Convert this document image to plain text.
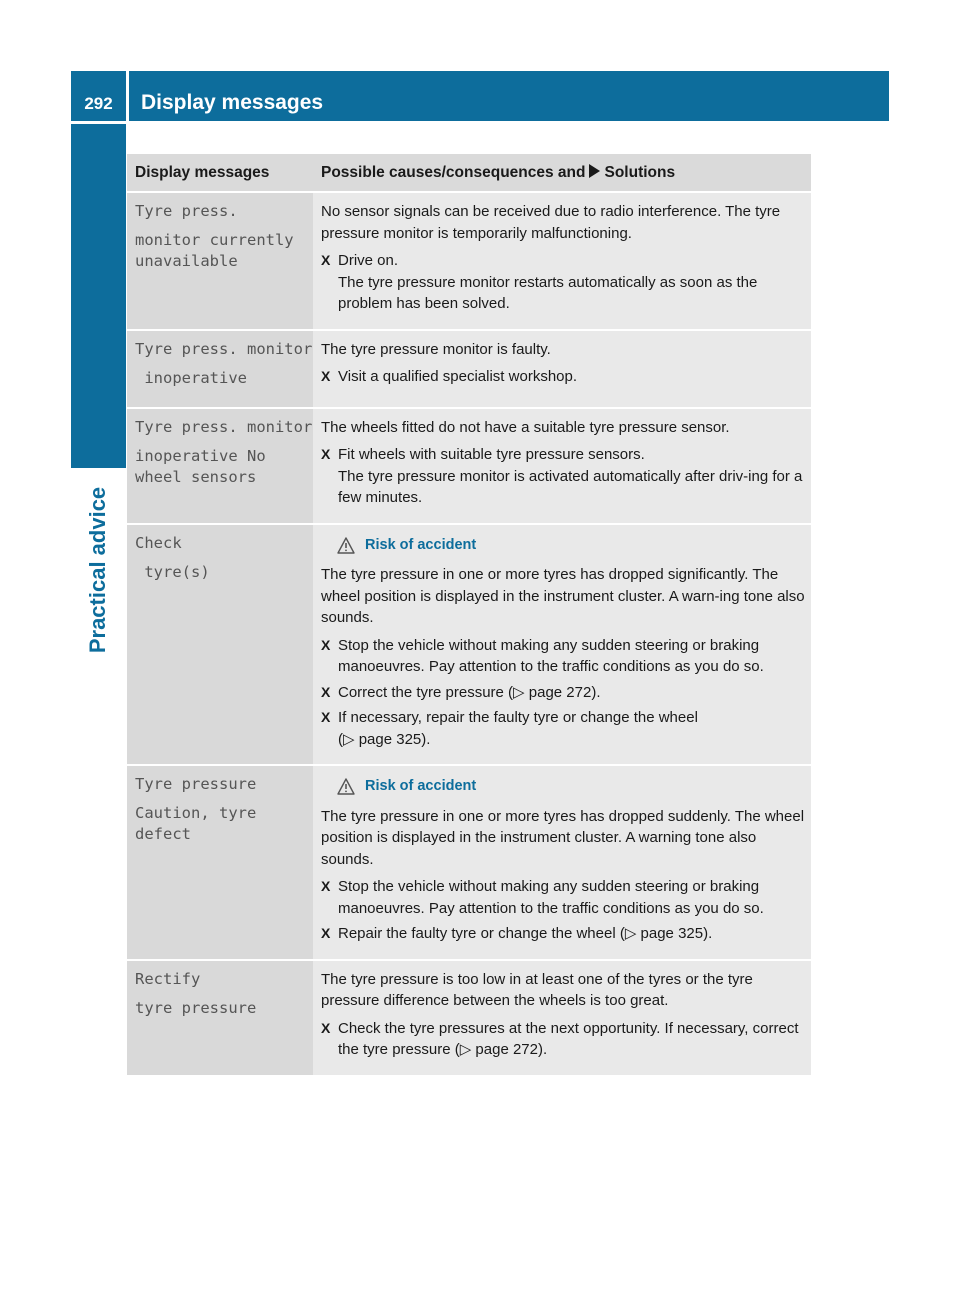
292	Display messages
Practical advice
Display messages	Possible causes/consequences and Solutions
Tyre press.
monitor currently
unavailable

No sensor signals can be received due to radio interference. The tyre pressure monitor is temporarily malfunctioning.

X Drive on.
The tyre pressure monitor restarts automatically as soon as the problem has been solved.
Tyre press. monitor
inoperative

The tyre pressure monitor is faulty.

X Visit a qualified specialist workshop.
Tyre press. monitor
inoperative No
wheel sensors

The wheels fitted do not have a suitable tyre pressure sensor.

X Fit wheels with suitable tyre pressure sensors.
The tyre pressure monitor is activated automatically after driv-ing for a few minutes.
Check
tyre(s)
Risk of accident

The tyre pressure in one or more tyres has dropped significantly. The wheel position is displayed in the instrument cluster. A warn-ing tone also sounds.

X Stop the vehicle without making any sudden steering or braking manoeuvres. Pay attention to the traffic conditions as you do so.
X Correct the tyre pressure (▷ page 272).
X If necessary, repair the faulty tyre or change the wheel
(▷ page 325).
Tyre pressure
Caution, tyre
defect
Risk of accident

The tyre pressure in one or more tyres has dropped suddenly. The wheel position is displayed in the instrument cluster. A warning tone also sounds.

X Stop the vehicle without making any sudden steering or braking manoeuvres. Pay attention to the traffic conditions as you do so.
X Repair the faulty tyre or change the wheel (▷ page 325).
Rectify
tyre pressure

The tyre pressure is too low in at least one of the tyres or the tyre pressure difference between the wheels is too great.

X Check the tyre pressures at the next opportunity. If necessary, correct the tyre pressure (▷ page 272).
